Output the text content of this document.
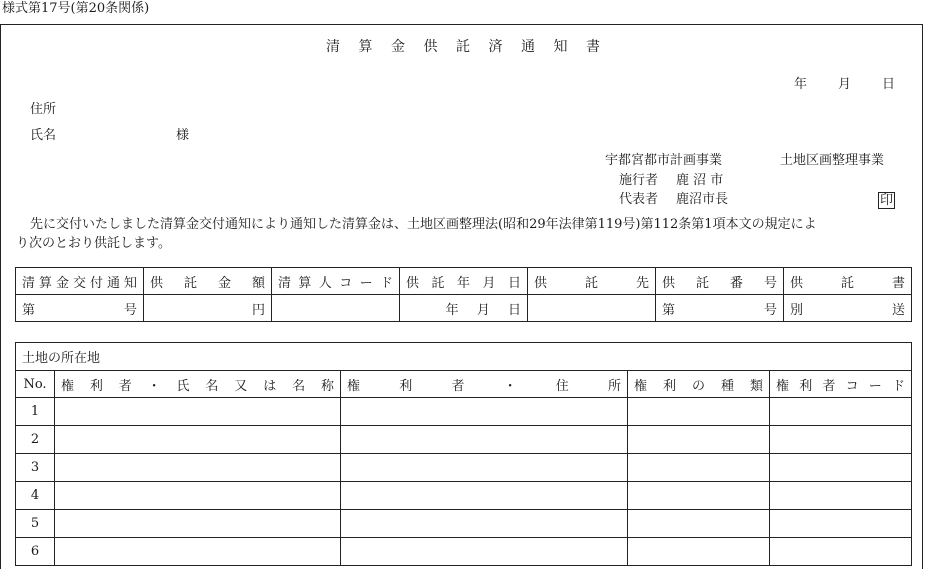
様式第17号(第20条関係)
清算金供託済通知書
年 月 日
住所
氏名	様
宇都宮都市計画事業	土地区画整理事業
施行者 鹿 沼 市
代表者 鹿沼市長	印
先に交付いたしました清算金交付通知により通知した清算金は、土地区画整理法(昭和29年法律第119号)第112条第1項本文の規定によ
り次のとおり供託します。
清算金交付通知	供託金額	清算人コード	供託年月日	供託先	供託番号	供託書
第 号	円		年 月 日		第 号	別 送
土地の所在地				
No.	権利者・氏名又は名称	権利者・住所	権利の種類	権利者コード
1				
2				
3				
4				
5				
6				
